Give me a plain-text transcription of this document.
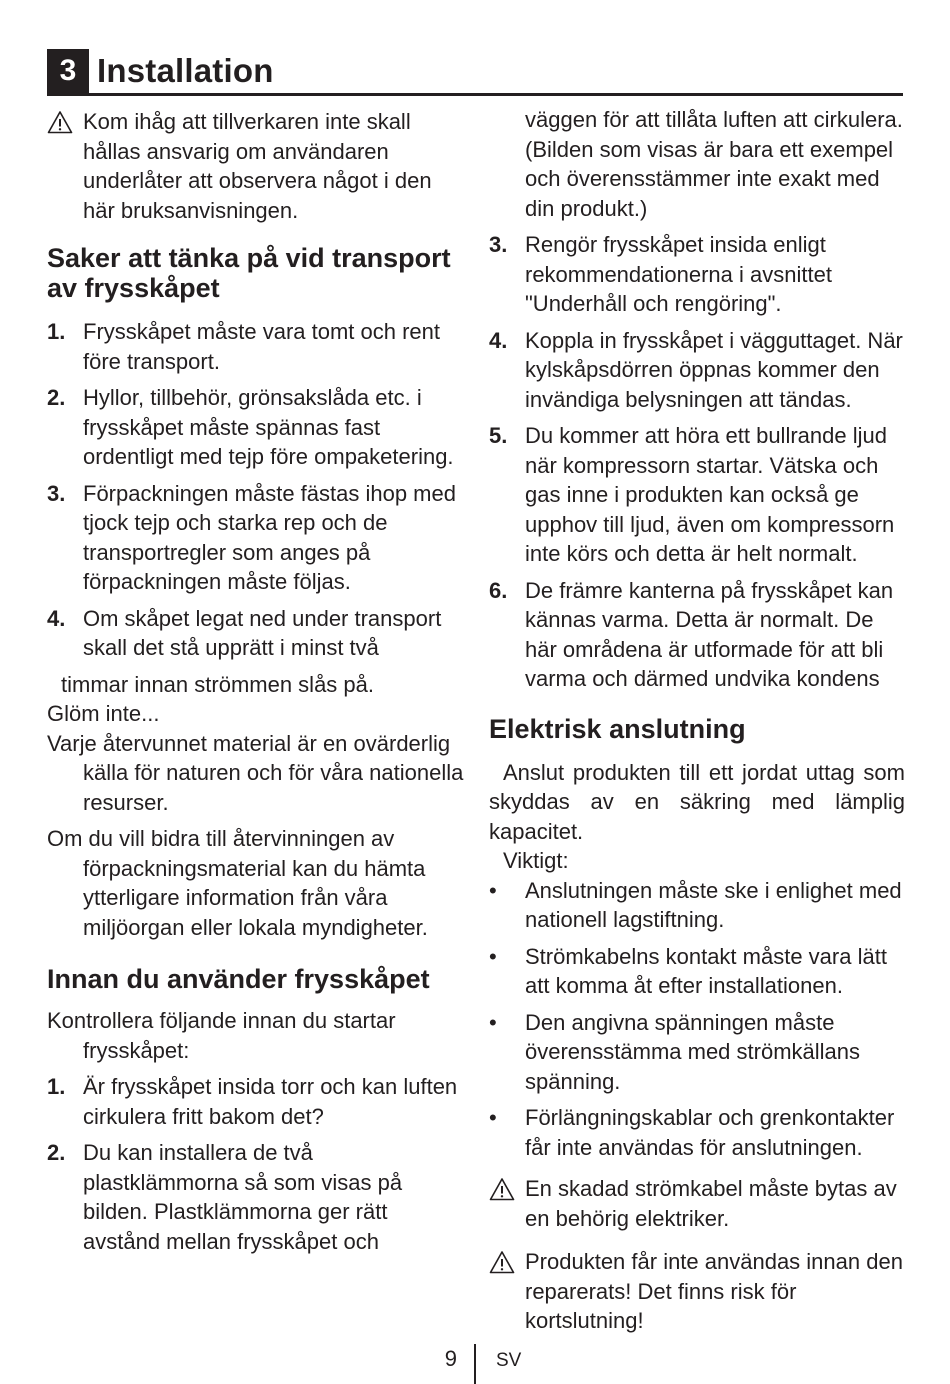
3 Installation

Kom ihåg att tillverkaren inte skall hållas ansvarig om användaren underlåter att observera något i den här bruksanvisningen.

Saker att tänka på vid transport av frysskåpet
1. Frysskåpet måste vara tomt och rent före transport.
2. Hyllor, tillbehör, grönsakslåda etc. i frysskåpet måste spännas fast ordentligt med tejp före ompaketering.
3. Förpackningen måste fästas ihop med tjock tejp och starka rep och de transportregler som anges på förpackningen måste följas.
4. Om skåpet legat ned under transport skall det stå upprätt i minst två

timmar innan strömmen slås på.

Glöm inte...

Varje återvunnet material är en ovärderlig källa för naturen och för våra nationella resurser.

Om du vill bidra till återvinningen av förpackningsmaterial kan du hämta ytterligare information från våra miljöorgan eller lokala myndigheter.

Innan du använder frysskåpet

Kontrollera följande innan du startar frysskåpet:

1. Är frysskåpet insida torr och kan luften cirkulera fritt bakom det?
2. Du kan installera de två plastklämmorna så som visas på bilden. Plastklämmorna ger rätt avstånd mellan frysskåpet och

väggen för att tillåta luften att cirkulera. (Bilden som visas är bara ett exempel och överensstämmer inte exakt med din produkt.)

3. Rengör frysskåpet insida enligt rekommendationerna i avsnittet "Underhåll och rengöring".
4. Koppla in frysskåpet i vägguttaget. När kylskåpsdörren öppnas kommer den invändiga belysningen att tändas.
5. Du kommer att höra ett bullrande ljud när kompressorn startar. Vätska och gas inne i produkten kan också ge upphov till ljud, även om kompressorn inte körs och detta är helt normalt.
6. De främre kanterna på frysskåpet kan kännas varma. Detta är normalt. De här områdena är utformade för att bli varma och därmed undvika kondens
Elektrisk anslutning

Anslut produkten till ett jordat uttag som skyddas av en säkring med lämplig kapacitet.

Viktigt:

• Anslutningen måste ske i enlighet med nationell lagstiftning.
• Strömkabelns kontakt måste vara lätt att komma åt efter installationen.
• Den angivna spänningen måste överensstämma med strömkällans spänning.
• Förlängningskablar och grenkontakter får inte användas för anslutningen.

En skadad strömkabel måste bytas av en behörig elektriker.

Produkten får inte användas innan den reparerats! Det finns risk för kortslutning!

9 SV
